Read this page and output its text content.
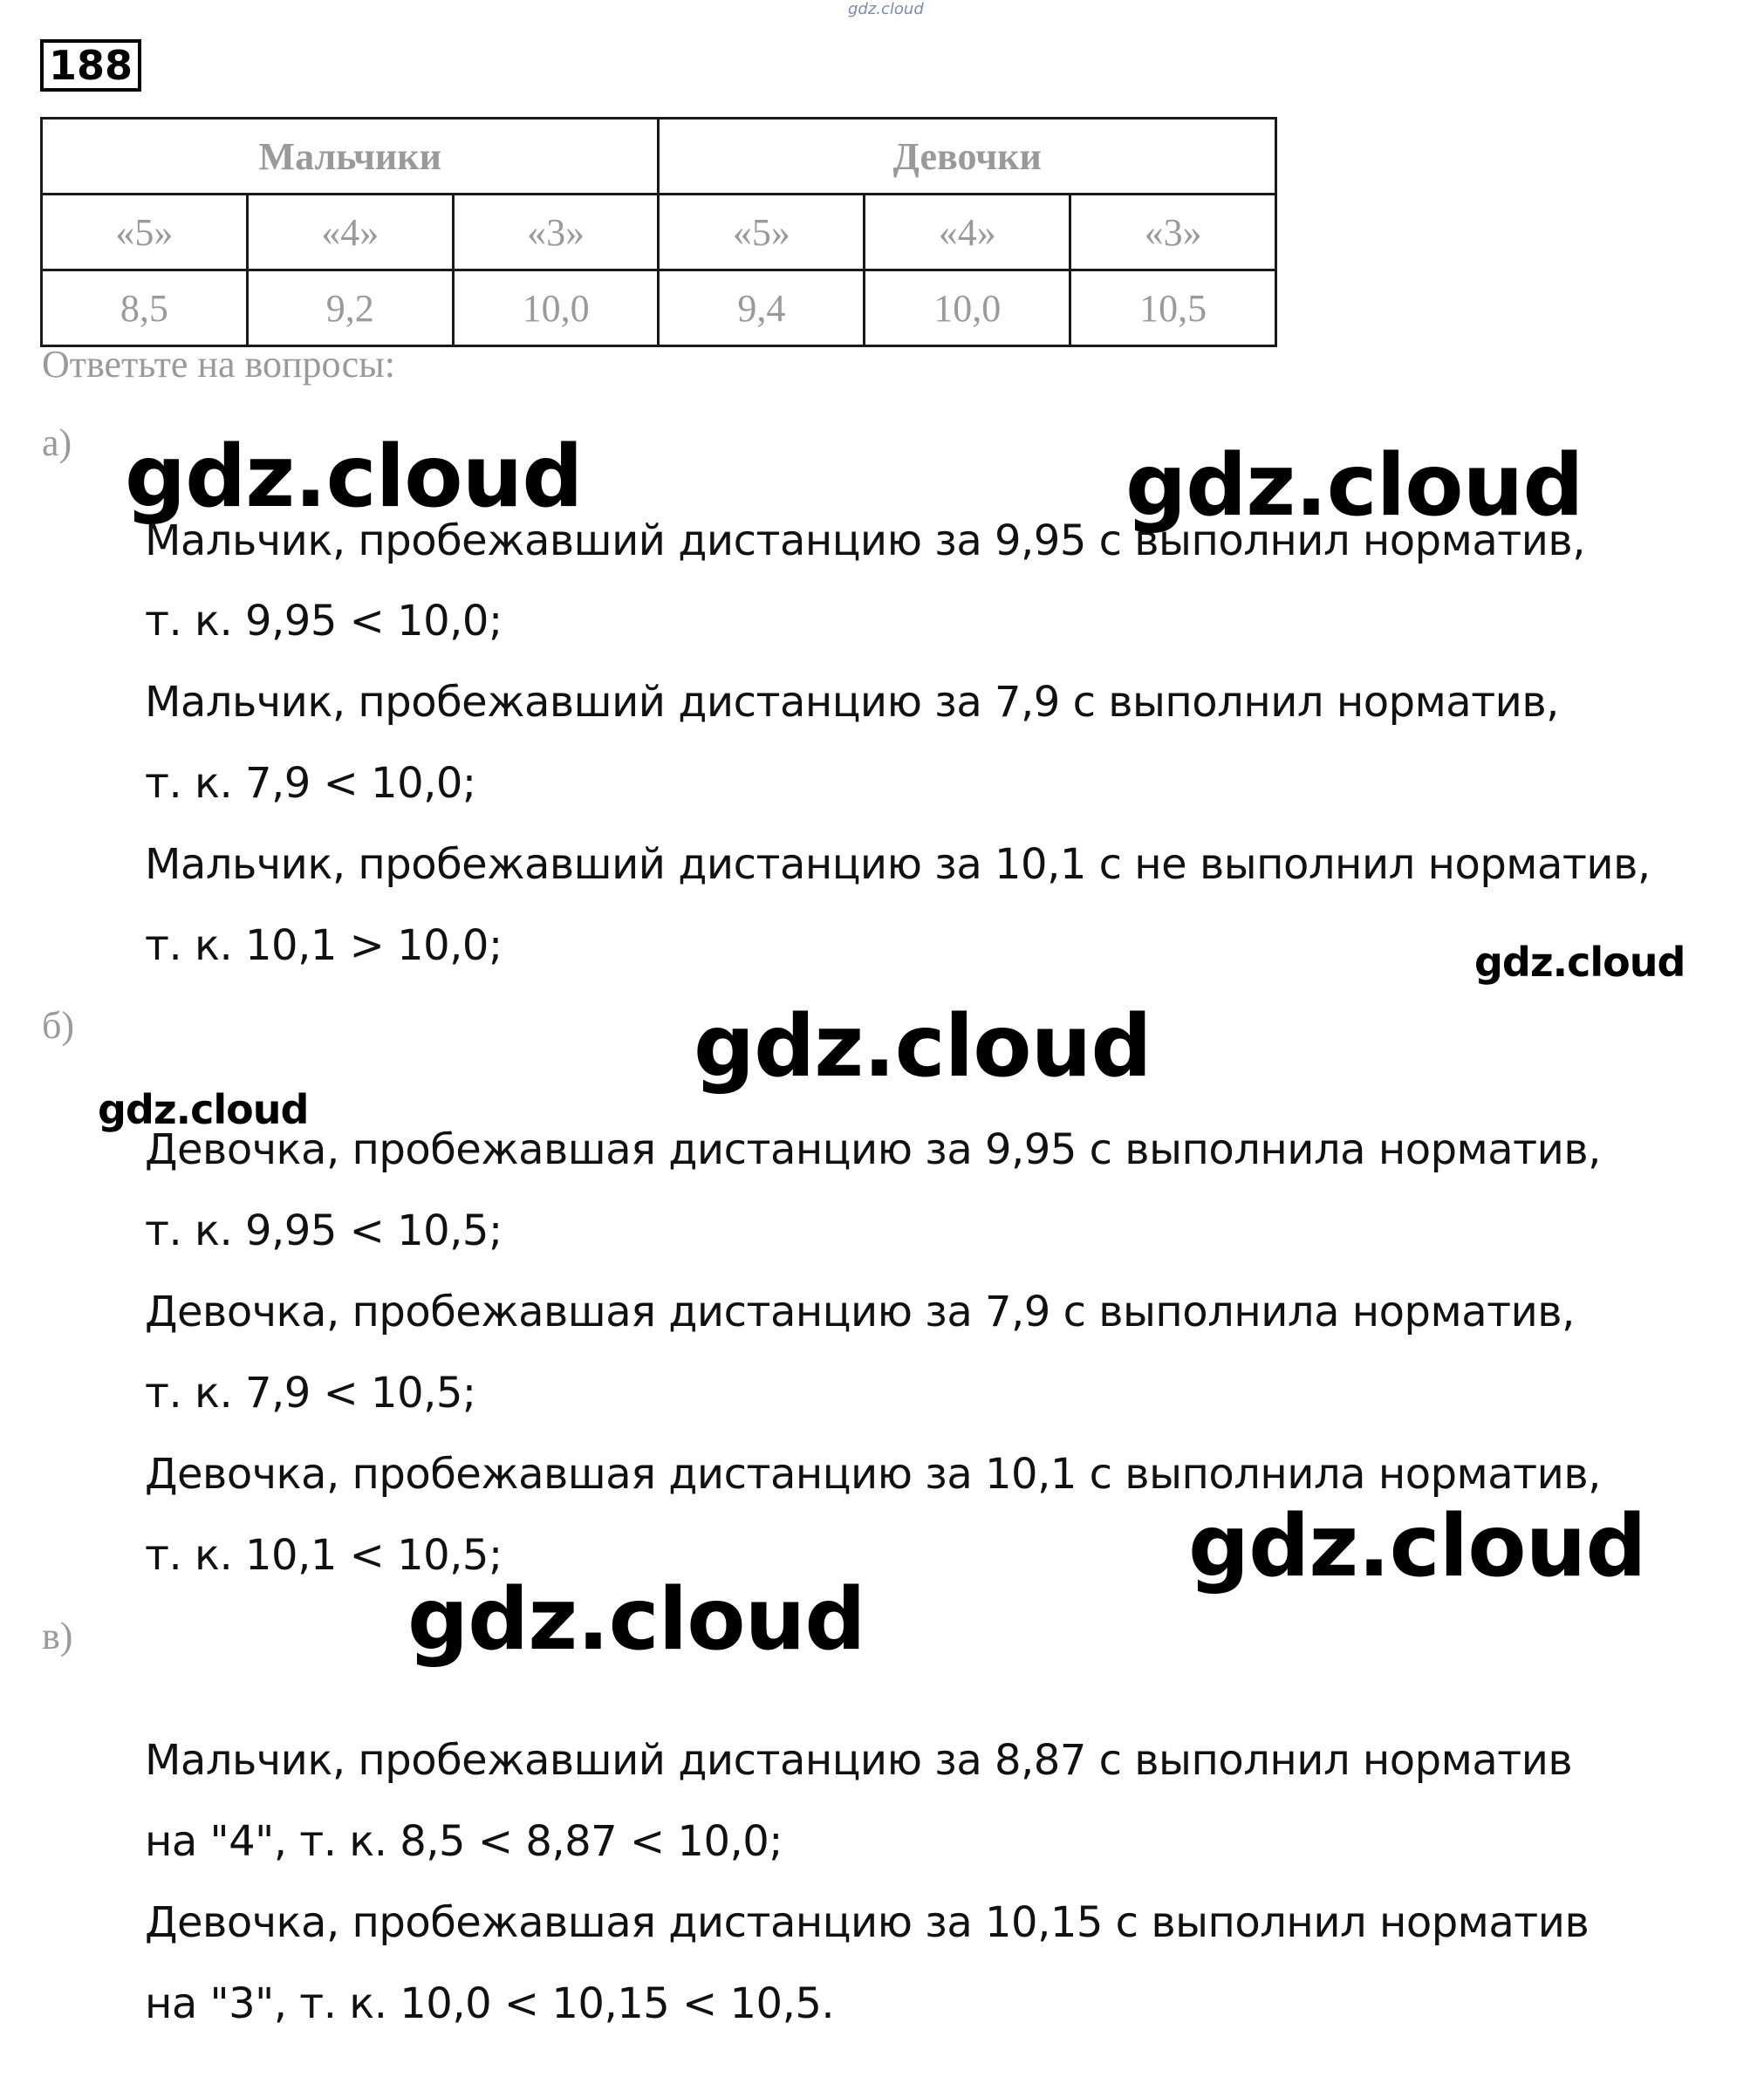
gdz.cloud
188
Мальчики			Девочки		
«5»	«4»	«3»	«5»	«4»	«3»
8,5	9,2	10,0	9,4	10,0	10,5
Ответьте на вопросы:
а)
Мальчик, пробежавший дистанцию за 9,95 с выполнил норматив,
т. к. 9,95 < 10,0;
Мальчик, пробежавший дистанцию за 7,9 с выполнил норматив,
т. к. 7,9 < 10,0;
Мальчик, пробежавший дистанцию за 10,1 с не выполнил норматив,
т. к. 10,1 > 10,0;
б)
Девочка, пробежавшая дистанцию за 9,95 с выполнила норматив,
т. к. 9,95 < 10,5;
Девочка, пробежавшая дистанцию за 7,9 с выполнила норматив,
т. к. 7,9 < 10,5;
Девочка, пробежавшая дистанцию за 10,1 с выполнила норматив,
т. к. 10,1 < 10,5;
в)
Мальчик, пробежавший дистанцию за 8,87 с выполнил норматив
на "4", т. к. 8,5 < 8,87 < 10,0;
Девочка, пробежавшая дистанцию за 10,15 с выполнил норматив
на "3", т. к. 10,0 < 10,15 < 10,5.
gdz.cloud	gdz.cloud
gdz.cloud
gdz.cloud
gdz.cloud
gdz.cloud
gdz.cloud
